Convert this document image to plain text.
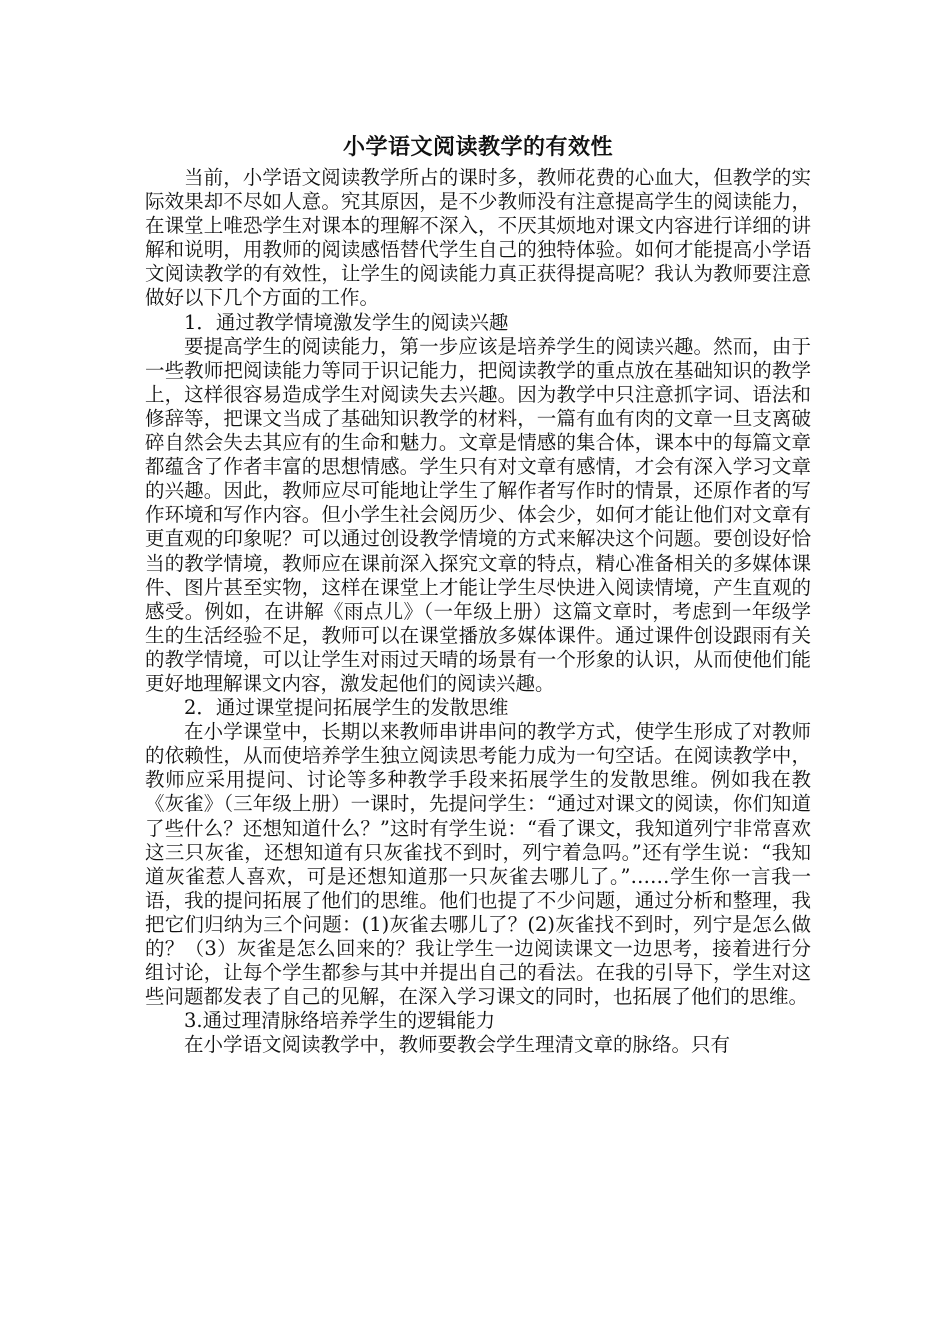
小学语文阅读教学的有效性

当前，小学语文阅读教学所占的课时多，教师花费的心血大，但教学的实际效果却不尽如人意。究其原因，是不少教师没有注意提高学生的阅读能力，在课堂上唯恐学生对课本的理解不深入，不厌其烦地对课文内容进行详细的讲解和说明，用教师的阅读感悟替代学生自己的独特体验。如何才能提高小学语文阅读教学的有效性，让学生的阅读能力真正获得提高呢？我认为教师要注意做好以下几个方面的工作。

1．通过教学情境激发学生的阅读兴趣

要提高学生的阅读能力，第一步应该是培养学生的阅读兴趣。然而，由于一些教师把阅读能力等同于识记能力，把阅读教学的重点放在基础知识的教学上，这样很容易造成学生对阅读失去兴趣。因为教学中只注意抓字词、语法和修辞等，把课文当成了基础知识教学的材料，一篇有血有肉的文章一旦支离破碎自然会失去其应有的生命和魅力。文章是情感的集合体，课本中的每篇文章都蕴含了作者丰富的思想情感。学生只有对文章有感情，才会有深入学习文章的兴趣。因此，教师应尽可能地让学生了解作者写作时的情景，还原作者的写作环境和写作内容。但小学生社会阅历少、体会少，如何才能让他们对文章有更直观的印象呢？可以通过创设教学情境的方式来解决这个问题。要创设好恰当的教学情境，教师应在课前深入探究文章的特点，精心准备相关的多媒体课件、图片甚至实物，这样在课堂上才能让学生尽快进入阅读情境，产生直观的感受。例如，在讲解《雨点儿》（一年级上册）这篇文章时，考虑到一年级学生的生活经验不足，教师可以在课堂播放多媒体课件。通过课件创设跟雨有关的教学情境，可以让学生对雨过天晴的场景有一个形象的认识，从而使他们能更好地理解课文内容，激发起他们的阅读兴趣。

2．通过课堂提问拓展学生的发散思维

在小学课堂中，长期以来教师串讲串问的教学方式，使学生形成了对教师的依赖性，从而使培养学生独立阅读思考能力成为一句空话。在阅读教学中，教师应采用提问、讨论等多种教学手段来拓展学生的发散思维。例如我在教《灰雀》（三年级上册）一课时，先提问学生：“通过对课文的阅读，你们知道了些什么？还想知道什么？”这时有学生说：“看了课文，我知道列宁非常喜欢这三只灰雀，还想知道有只灰雀找不到时，列宁着急吗。”还有学生说：“我知道灰雀惹人喜欢，可是还想知道那一只灰雀去哪儿了。”……学生你一言我一语，我的提问拓展了他们的思维。他们也提了不少问题，通过分析和整理，我把它们归纳为三个问题：(1)灰雀去哪儿了？(2)灰雀找不到时，列宁是怎么做的？（3）灰雀是怎么回来的？我让学生一边阅读课文一边思考，接着进行分组讨论，让每个学生都参与其中并提出自己的看法。在我的引导下，学生对这些问题都发表了自己的见解，在深入学习课文的同时，也拓展了他们的思维。

3.通过理清脉络培养学生的逻辑能力

在小学语文阅读教学中，教师要教会学生理清文章的脉络。只有
